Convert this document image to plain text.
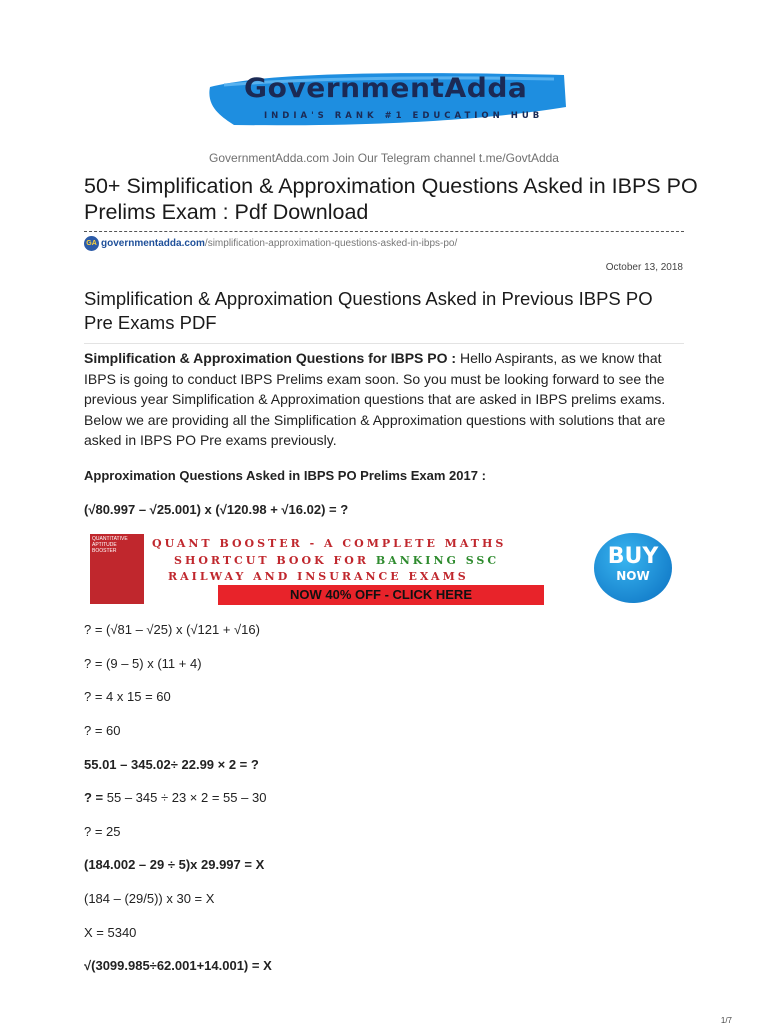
GovernmentAdda
INDIA'S RANK #1 EDUCATION HUB
GovernmentAdda.com Join Our Telegram channel t.me/GovtAdda
50+ Simplification & Approximation Questions Asked in IBPS PO Prelims Exam : Pdf Download
GA governmentadda.com/simplification-approximation-questions-asked-in-ibps-po/
October 13, 2018
Simplification & Approximation Questions Asked in Previous IBPS PO Pre Exams PDF

Simplification & Approximation Questions for IBPS PO : Hello Aspirants, as we know that IBPS is going to conduct IBPS Prelims exam soon. So you must be looking forward to see the previous year Simplification & Approximation questions that are asked in IBPS prelims exams. Below we are providing all the Simplification & Approximation questions with solutions that are asked in IBPS PO Pre exams previously.

Approximation Questions Asked in IBPS PO Prelims Exam 2017 :
(√80.997 – √25.001) x (√120.98 + √16.02) = ?
QUANTITATIVE APTITUDE BOOSTER
QUANT BOOSTER - A COMPLETE MATHS
SHORTCUT BOOK FOR BANKING SSC
RAILWAY AND INSURANCE EXAMS
NOW 40% OFF - CLICK HERE
BUY
NOW
? = (√81 – √25) x (√121 + √16)
? = (9 – 5) x (11 + 4)
? = 4 x 15 = 60
? = 60
55.01 – 345.02÷ 22.99 × 2 = ?
? = 55 – 345 ÷ 23 × 2 = 55 – 30
? = 25
(184.002 – 29 ÷ 5)x 29.997 = X
(184 – (29/5)) x 30 = X
X = 5340
√(3099.985÷62.001+14.001) = X
1/7
